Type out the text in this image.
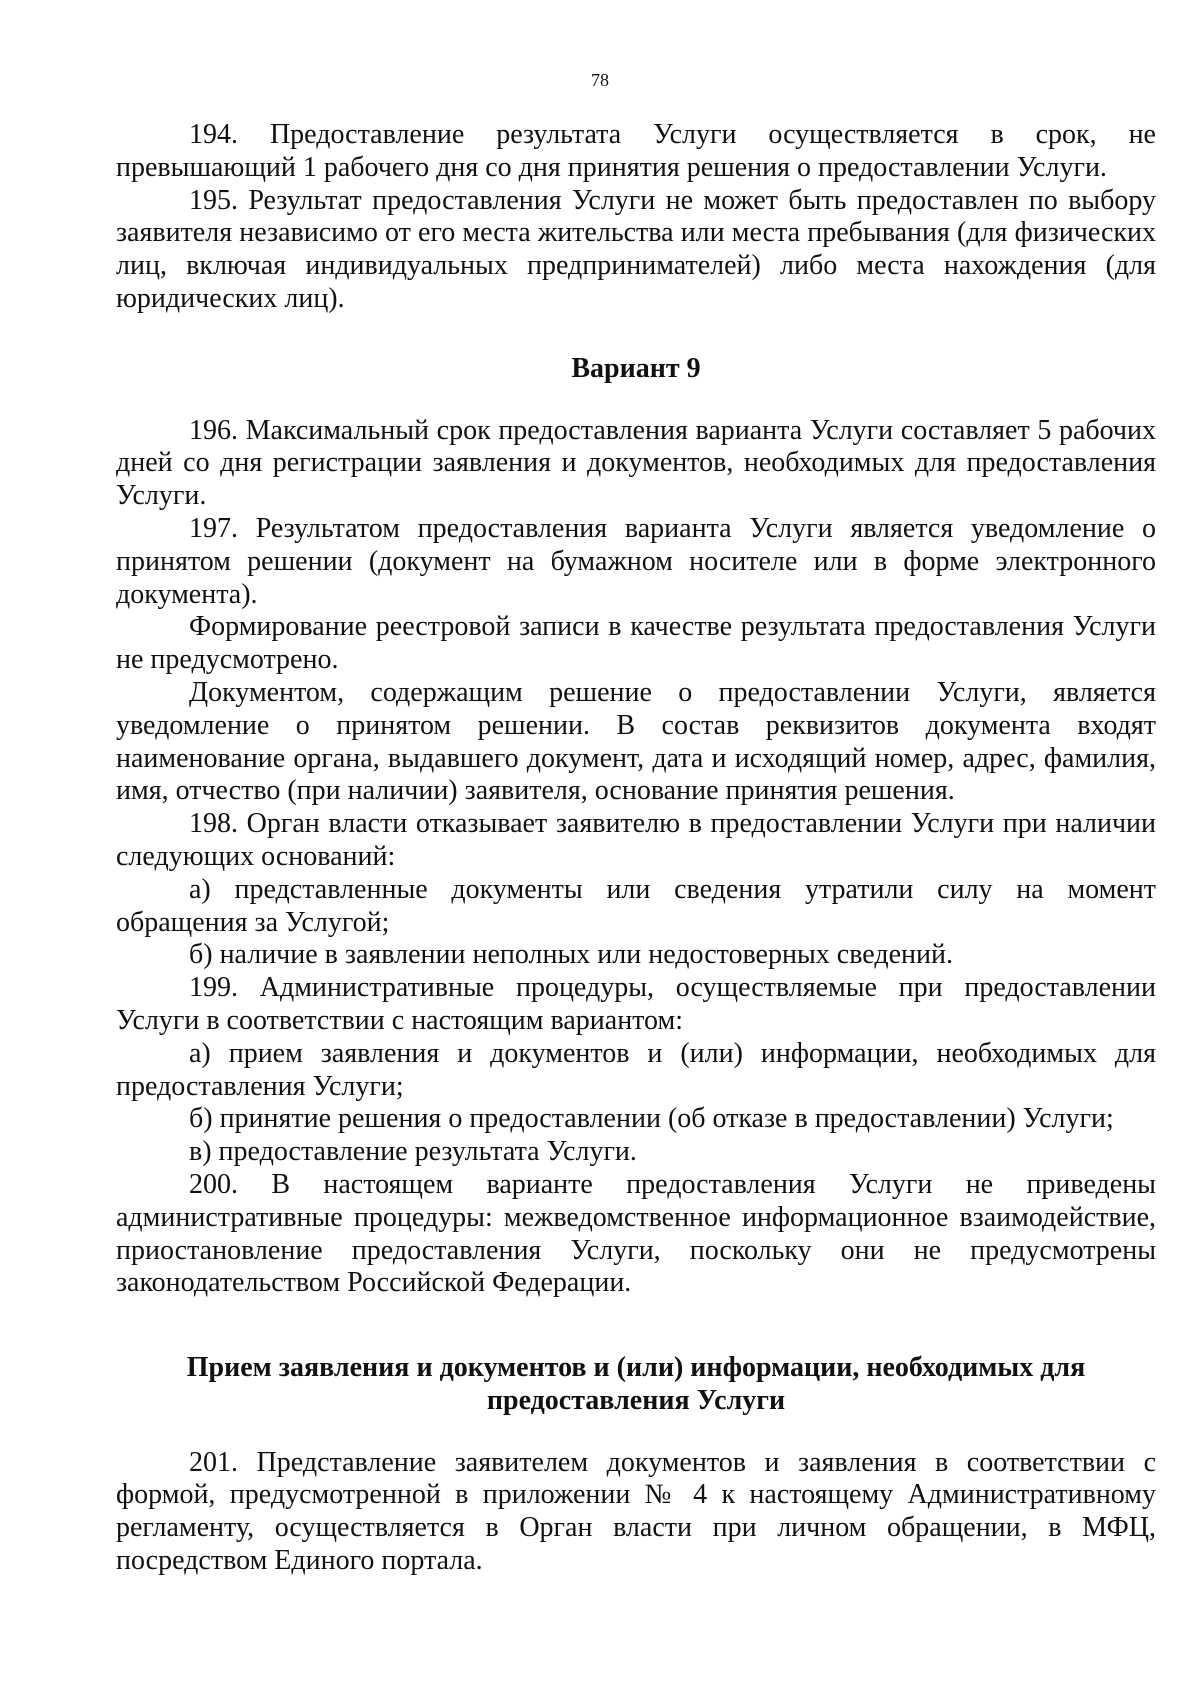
78

194. Предоставление результата Услуги осуществляется в срок, не превышающий 1 рабочего дня со дня принятия решения о предоставлении Услуги.

195. Результат предоставления Услуги не может быть предоставлен по выбору заявителя независимо от его места жительства или места пребывания (для физических лиц, включая индивидуальных предпринимателей) либо места нахождения (для юридических лиц).

Вариант 9

196. Максимальный срок предоставления варианта Услуги составляет 5 рабочих дней со дня регистрации заявления и документов, необходимых для предоставления Услуги.

197. Результатом предоставления варианта Услуги является уведомление о принятом решении (документ на бумажном носителе или в форме электронного документа).

Формирование реестровой записи в качестве результата предоставления Услуги не предусмотрено.

Документом, содержащим решение о предоставлении Услуги, является уведомление о принятом решении. В состав реквизитов документа входят наименование органа, выдавшего документ, дата и исходящий номер, адрес, фамилия, имя, отчество (при наличии) заявителя, основание принятия решения.

198. Орган власти отказывает заявителю в предоставлении Услуги при наличии следующих оснований:

а) представленные документы или сведения утратили силу на момент обращения за Услугой;

б) наличие в заявлении неполных или недостоверных сведений.

199. Административные процедуры, осуществляемые при предоставлении Услуги в соответствии с настоящим вариантом:

а) прием заявления и документов и (или) информации, необходимых для предоставления Услуги;

б) принятие решения о предоставлении (об отказе в предоставлении) Услуги;

в) предоставление результата Услуги.

200. В настоящем варианте предоставления Услуги не приведены административные процедуры: межведомственное информационное взаимодействие, приостановление предоставления Услуги, поскольку они не предусмотрены законодательством Российской Федерации.

Прием заявления и документов и (или) информации, необходимых для предоставления Услуги

201. Представление заявителем документов и заявления в соответствии с формой, предусмотренной в приложении № 4 к настоящему Административному регламенту, осуществляется в Орган власти при личном обращении, в МФЦ, посредством Единого портала.
